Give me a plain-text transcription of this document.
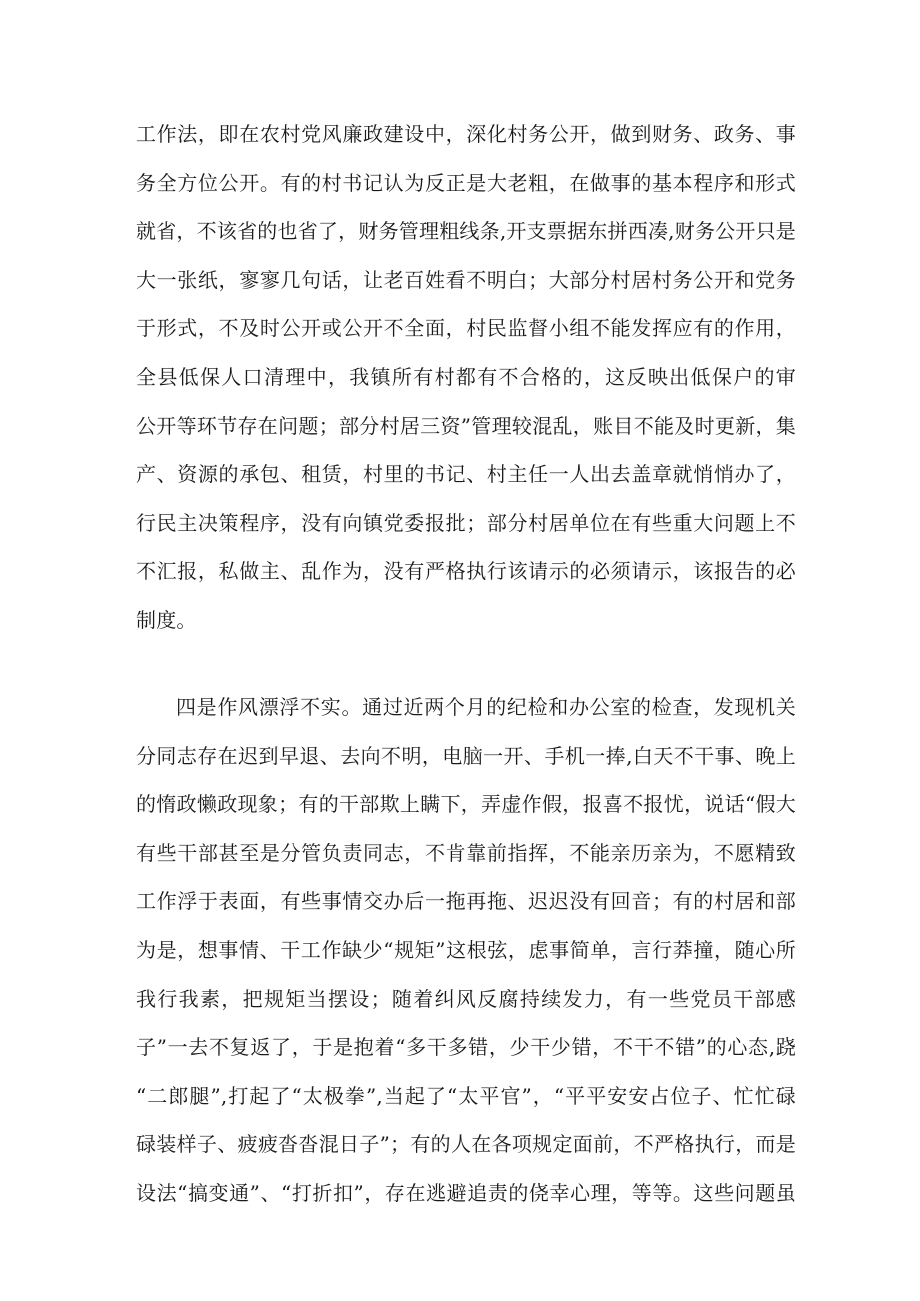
工作法，即在农村党风廉政建设中，深化村务公开，做到财务、政务、事
务全方位公开。有的村书记认为反正是大老粗，在做事的基本程序和形式
就省，不该省的也省了，财务管理粗线条,开支票据东拼西凑,财务公开只是
大一张纸，寥寥几句话，让老百姓看不明白；大部分村居村务公开和党务
于形式，不及时公开或公开不全面，村民监督小组不能发挥应有的作用，
全县低保人口清理中，我镇所有村都有不合格的，这反映出低保户的审
公开等环节存在问题；部分村居三资”管理较混乱，账目不能及时更新，集
产、资源的承包、租赁，村里的书记、村主任一人出去盖章就悄悄办了，
行民主决策程序，没有向镇党委报批；部分村居单位在有些重大问题上不
不汇报，私做主、乱作为，没有严格执行该请示的必须请示，该报告的必
制度。
四是作风漂浮不实。通过近两个月的纪检和办公室的检查，发现机关
分同志存在迟到早退、去向不明，电脑一开、手机一捧,白天不干事、晚上
的惰政懒政现象；有的干部欺上瞒下，弄虚作假，报喜不报忧，说话“假大
有些干部甚至是分管负责同志，不肯靠前指挥，不能亲历亲为，不愿精致
工作浮于表面，有些事情交办后一拖再拖、迟迟没有回音；有的村居和部
为是，想事情、干工作缺少“规矩”这根弦，虑事简单，言行莽撞，随心所
我行我素，把规矩当摆设；随着纠风反腐持续发力，有一些党员干部感
子”一去不复返了，于是抱着“多干多错，少干少错，不干不错”的心态,跷
“二郎腿”,打起了“太极拳”,当起了“太平官”，“平平安安占位子、忙忙碌
碌装样子、疲疲沓沓混日子”；有的人在各项规定面前，不严格执行，而是
设法“搞变通”、“打折扣”，存在逃避追责的侥幸心理，等等。这些问题虽
